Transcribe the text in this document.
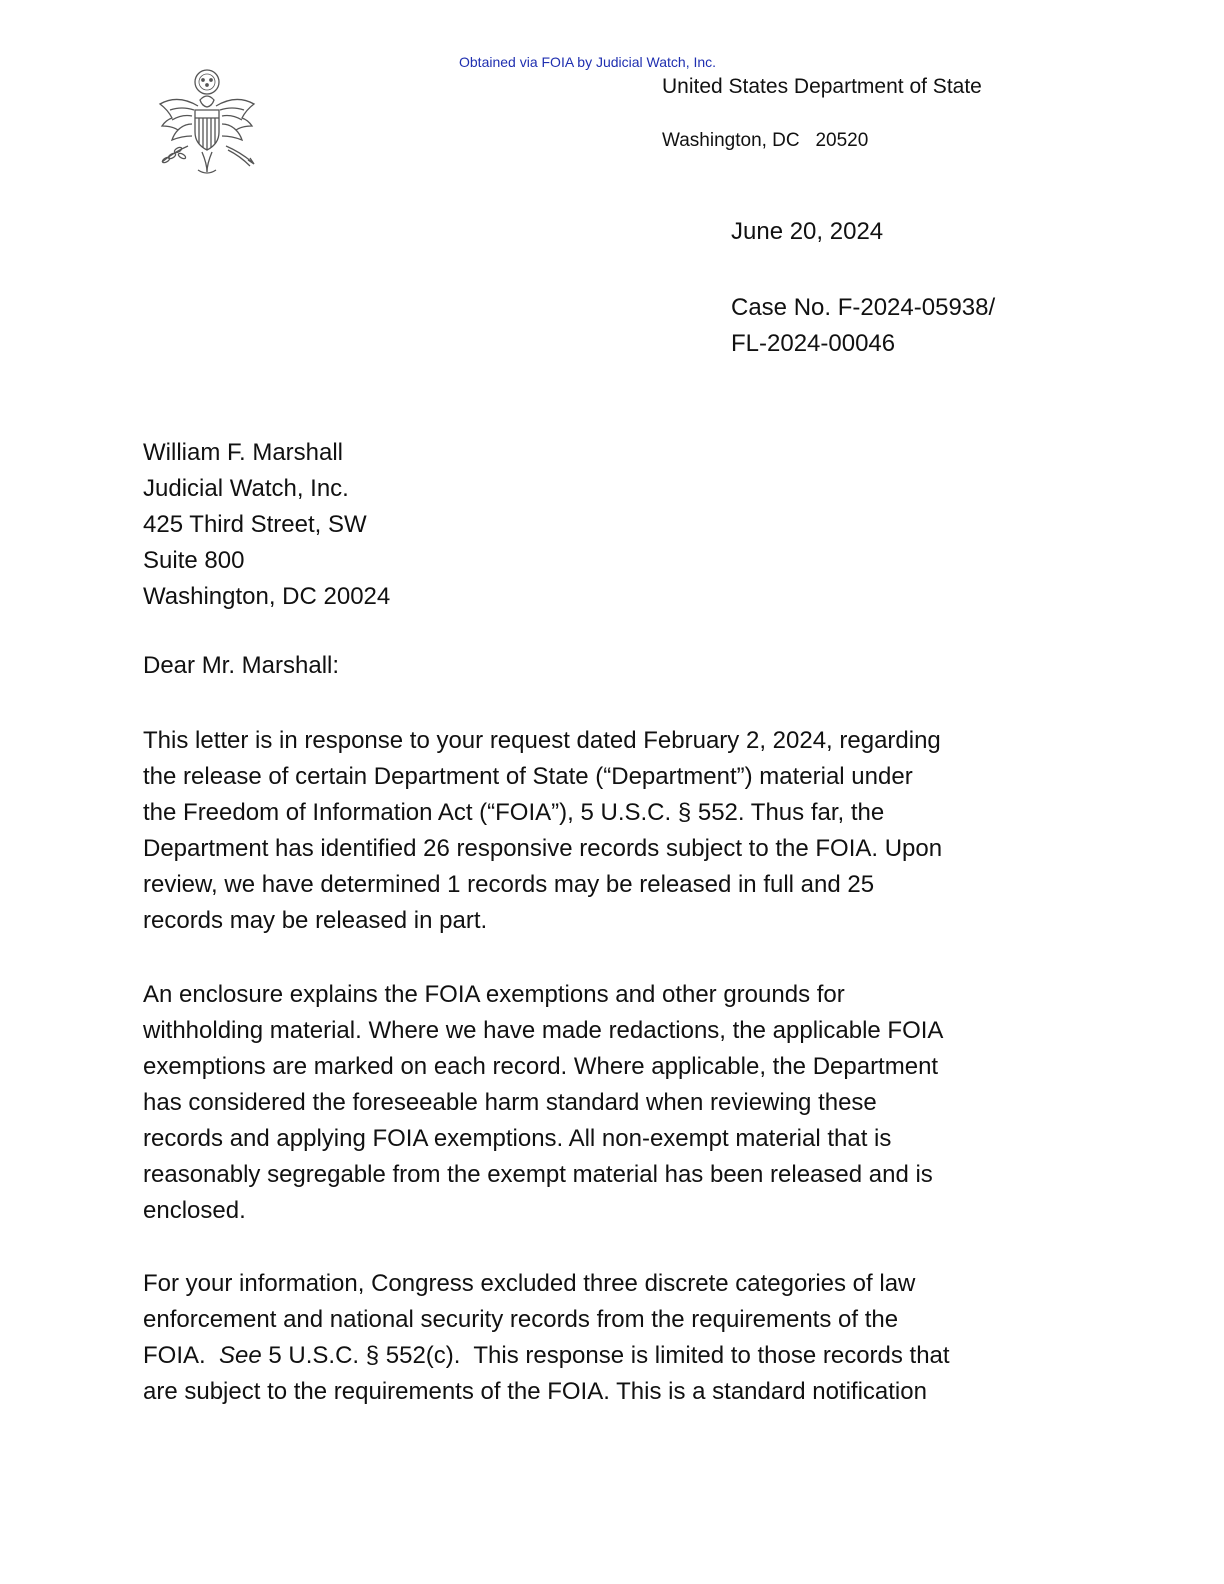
Obtained via FOIA by Judicial Watch, Inc.
United States Department of State
Washington, DC   20520
June 20, 2024
Case No. F-2024-05938/
FL-2024-00046
William F. Marshall
Judicial Watch, Inc.
425 Third Street, SW
Suite 800
Washington, DC 20024
Dear Mr. Marshall:
This letter is in response to your request dated February 2, 2024, regarding
the release of certain Department of State (“Department”) material under
the Freedom of Information Act (“FOIA”), 5 U.S.C. § 552. Thus far, the
Department has identified 26 responsive records subject to the FOIA. Upon
review, we have determined 1 records may be released in full and 25
records may be released in part.
An enclosure explains the FOIA exemptions and other grounds for
withholding material. Where we have made redactions, the applicable FOIA
exemptions are marked on each record. Where applicable, the Department
has considered the foreseeable harm standard when reviewing these
records and applying FOIA exemptions. All non-exempt material that is
reasonably segregable from the exempt material has been released and is
enclosed.
For your information, Congress excluded three discrete categories of law
enforcement and national security records from the requirements of the
FOIA.  See 5 U.S.C. § 552(c).  This response is limited to those records that
are subject to the requirements of the FOIA. This is a standard notification
